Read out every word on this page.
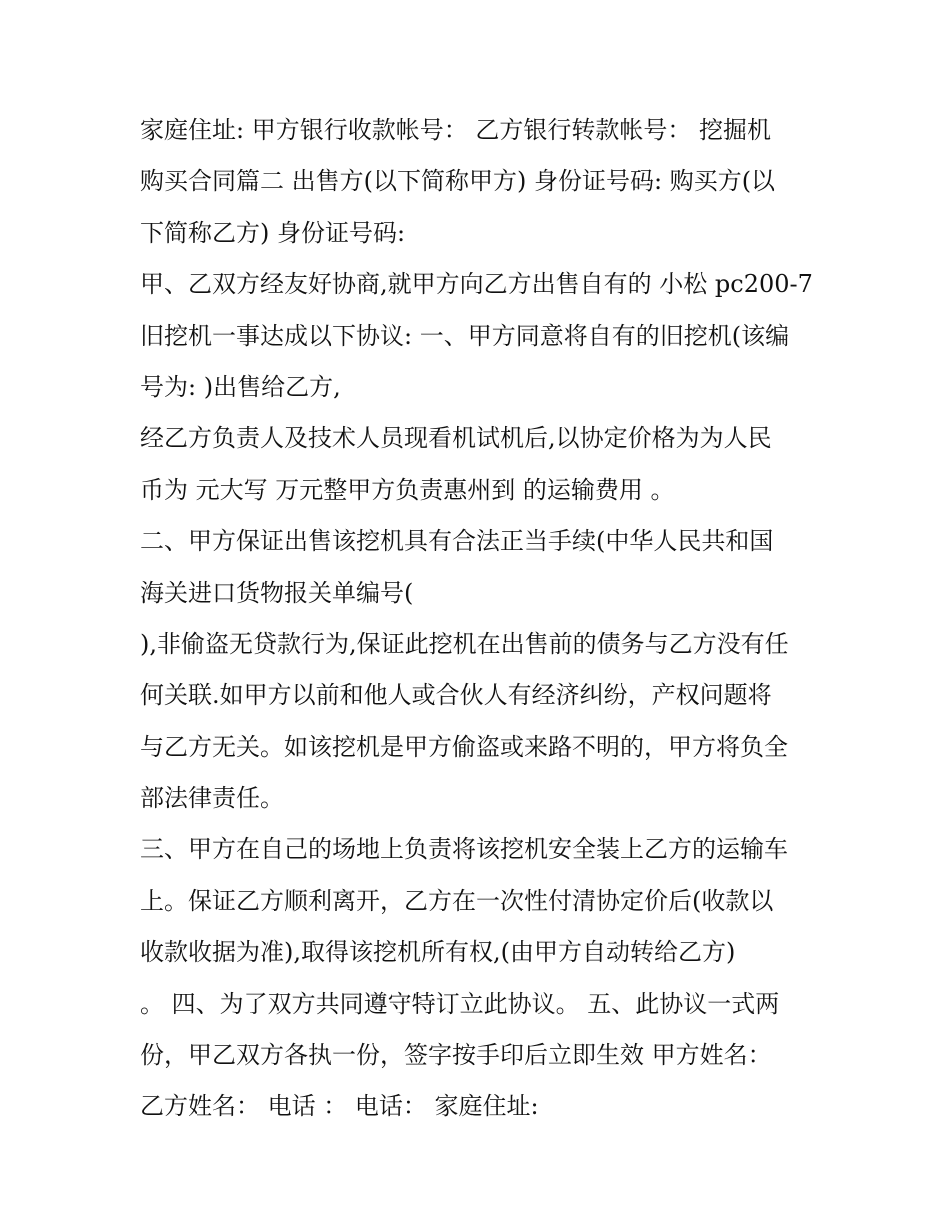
家庭住址: 甲方银行收款帐号： 乙方银行转款帐号： 挖掘机
购买合同篇二 出售方(以下简称甲方) 身份证号码: 购买方(以
下简称乙方) 身份证号码:
甲、乙双方经友好协商,就甲方向乙方出售自有的 小松 pc200-7
旧挖机一事达成以下协议: 一、甲方同意将自有的旧挖机(该编
号为: )出售给乙方,
经乙方负责人及技术人员现看机试机后,以协定价格为为人民
币为 元大写 万元整甲方负责惠州到 的运输费用 。
二、甲方保证出售该挖机具有合法正当手续(中华人民共和国
海关进口货物报关单编号(
),非偷盗无贷款行为,保证此挖机在出售前的债务与乙方没有任
何关联.如甲方以前和他人或合伙人有经济纠纷，产权问题将
与乙方无关。如该挖机是甲方偷盗或来路不明的，甲方将负全
部法律责任。
三、甲方在自己的场地上负责将该挖机安全装上乙方的运输车
上。保证乙方顺利离开，乙方在一次性付清协定价后(收款以
收款收据为准),取得该挖机所有权,(由甲方自动转给乙方)
。 四、为了双方共同遵守特订立此协议。 五、此协议一式两
份，甲乙双方各执一份，签字按手印后立即生效 甲方姓名：
乙方姓名： 电话 ： 电话： 家庭住址:
